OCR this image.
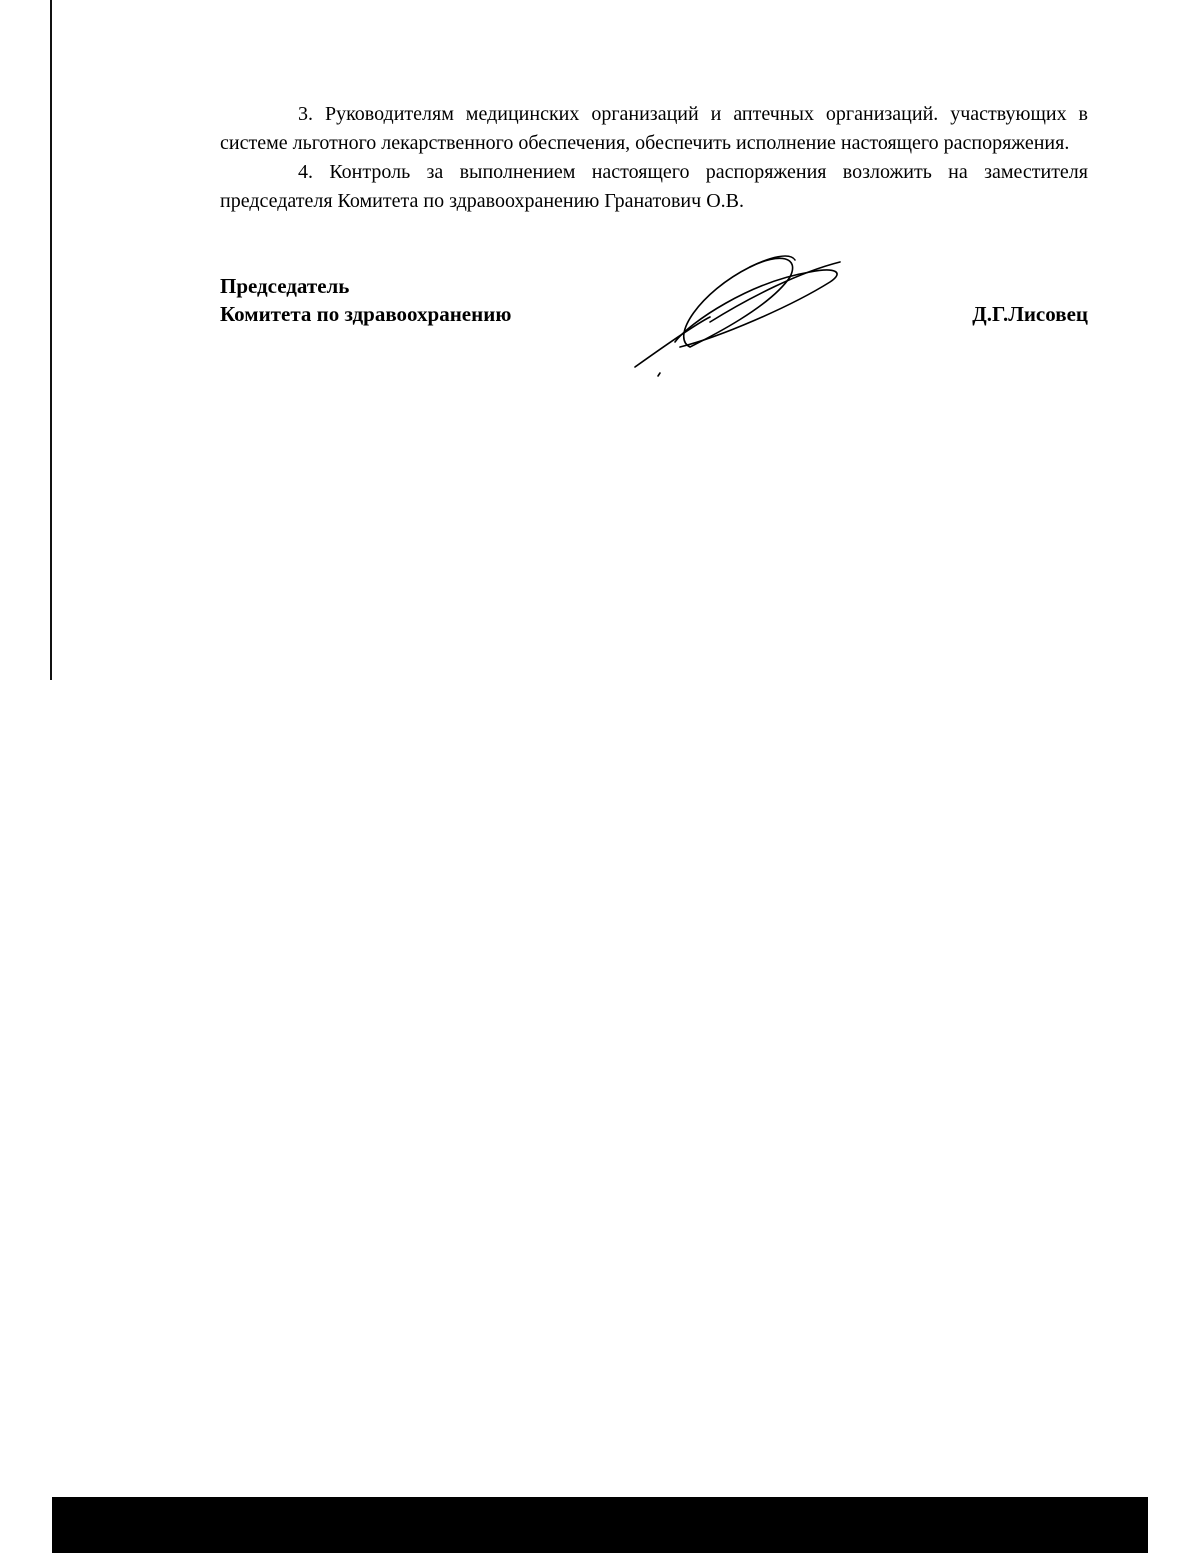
3. Руководителям медицинских организаций и аптечных организаций. участвующих в системе льготного лекарственного обеспечения, обеспечить исполнение настоящего распоряжения.

4. Контроль за выполнением настоящего распоряжения возложить на заместителя председателя Комитета по здравоохранению Гранатович О.В.

Председатель
Комитета по здравоохранению	Д.Г.Лисовец
